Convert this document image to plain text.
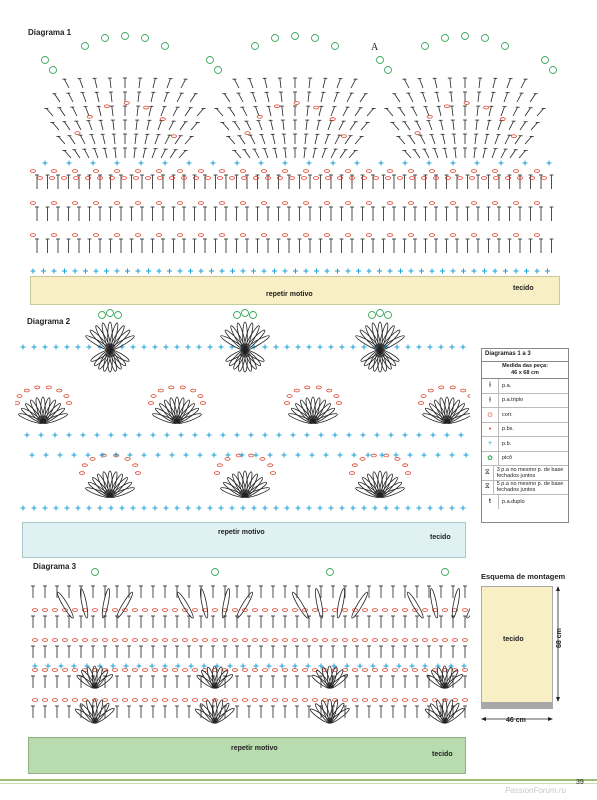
Diagrama 1
A
repetir motivo
tecido
Diagrama 2
repetir motivo
tecido
Diagramas 1 a 3
Medida das peça:
46 x 68 cm
ł	p.a.
ł	p.a.triplo
⊙	corr.
•	p.bx.
+	p.b.
✿	picô
⧖	3 p.a no mesmo p. de base fechados juntos
⧖	5 p.a no mesmo p. de base fechados juntos
ŧ	p.a.duplo
Diagrama 3
repetir motivo
tecido
Esquema de montagem
tecido	68 cm
46 cm
39
PassionForum.ru
